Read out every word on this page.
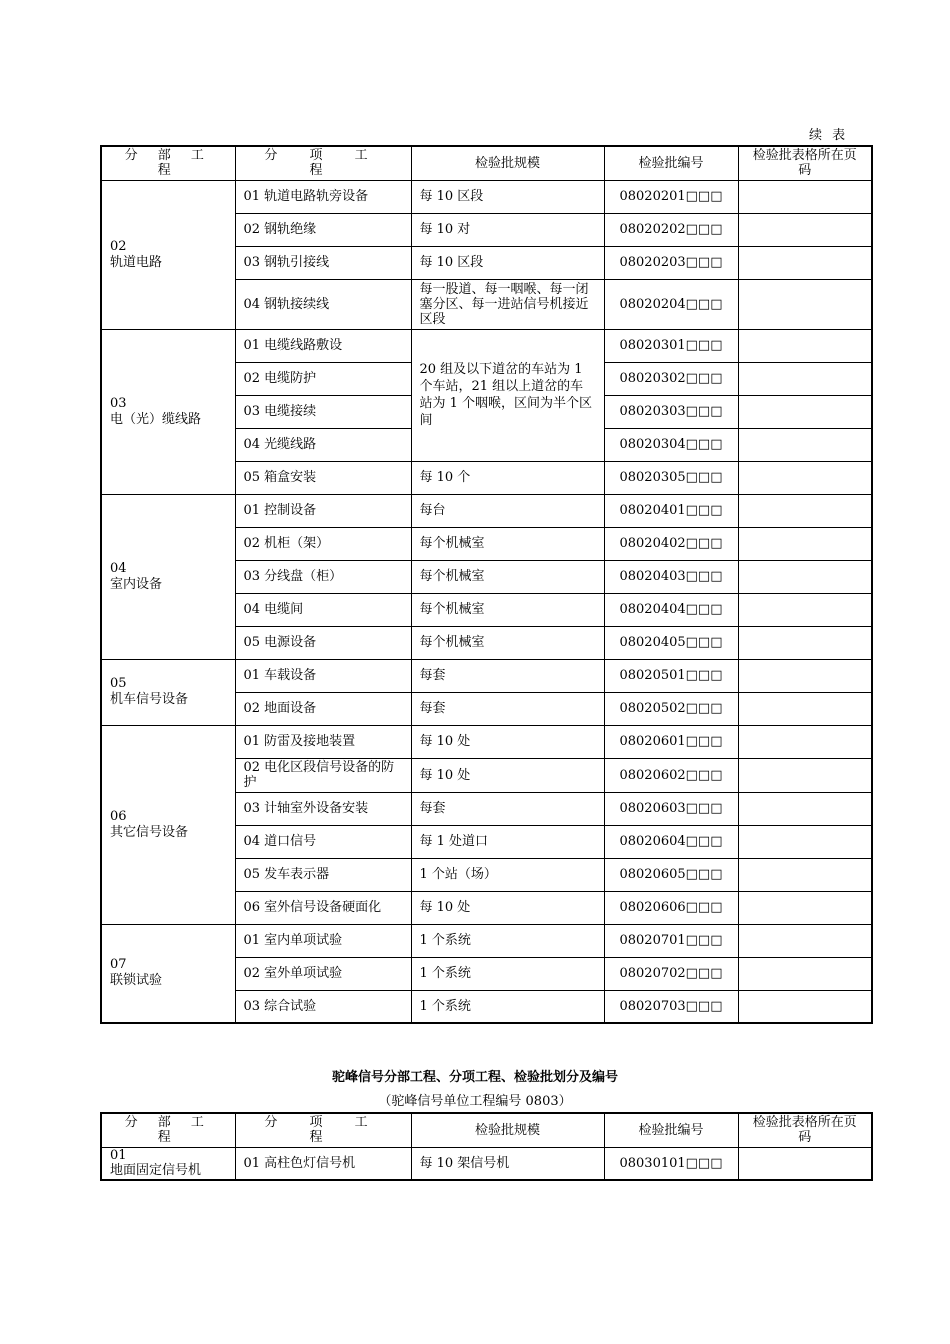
续 表
分 部 工 程	分 项 工 程	检验批规模	检验批编号	检验批表格所在页码
02
轨道电路	01 轨道电路轨旁设备	每 10 区段	08020201□□□	
	02 钢轨绝缘	每 10 对	08020202□□□	
	03 钢轨引接线	每 10 区段	08020203□□□	
	04 钢轨接续线	每一股道、每一咽喉、每一闭塞分区、每一进站信号机接近区段	08020204□□□	
03
电（光）缆线路	01 电缆线路敷设	20 组及以下道岔的车站为 1 个车站，21 组以上道岔的车站为 1 个咽喉，区间为半个区间	08020301□□□	
	02 电缆防护		08020302□□□	
	03 电缆接续		08020303□□□	
	04 光缆线路		08020304□□□	
	05 箱盒安装	每 10 个	08020305□□□	
04
室内设备	01 控制设备	每台	08020401□□□	
	02 机柜（架）	每个机械室	08020402□□□	
	03 分线盘（柜）	每个机械室	08020403□□□	
	04 电缆间	每个机械室	08020404□□□	
	05 电源设备	每个机械室	08020405□□□	
05
机车信号设备	01 车载设备	每套	08020501□□□	
	02 地面设备	每套	08020502□□□	
06
其它信号设备	01 防雷及接地装置	每 10 处	08020601□□□	
	02 电化区段信号设备的防护	每 10 处	08020602□□□	
	03 计轴室外设备安装	每套	08020603□□□	
	04 道口信号	每 1 处道口	08020604□□□	
	05 发车表示器	1 个站（场）	08020605□□□	
	06 室外信号设备硬面化	每 10 处	08020606□□□	
07
联锁试验	01 室内单项试验	1 个系统	08020701□□□	
	02 室外单项试验	1 个系统	08020702□□□	
	03 综合试验	1 个系统	08020703□□□	
驼峰信号分部工程、分项工程、检验批划分及编号
（驼峰信号单位工程编号 0803）
分 部 工 程	分 项 工 程	检验批规模	检验批编号	检验批表格所在页码
01
地面固定信号机	01 高柱色灯信号机	每 10 架信号机	08030101□□□	
